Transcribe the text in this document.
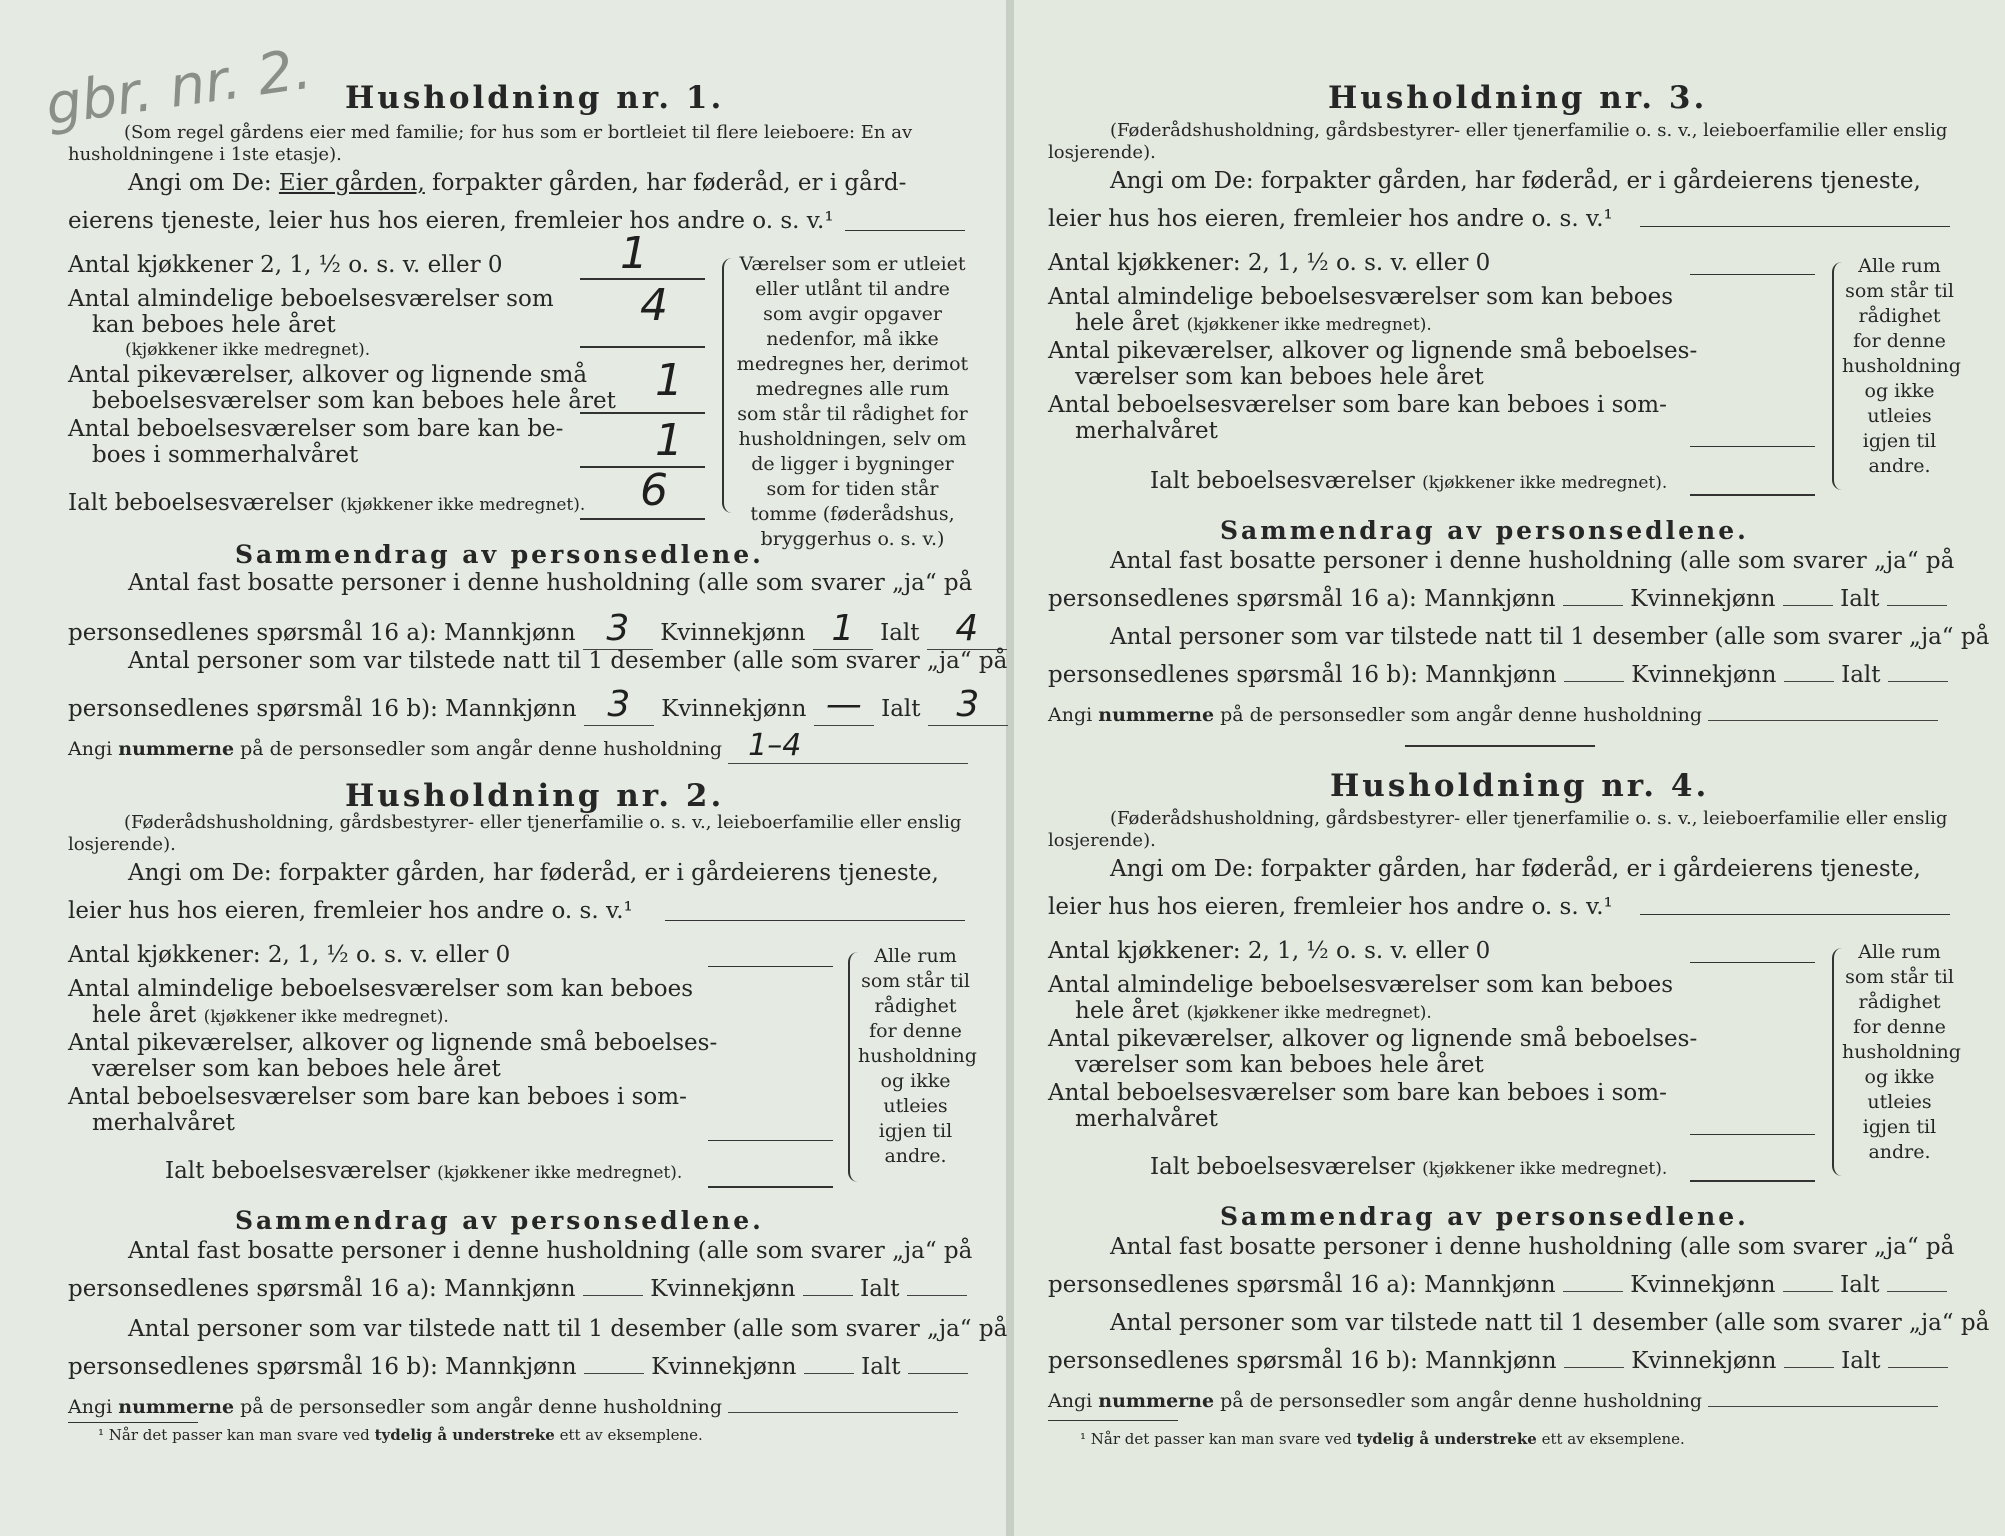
gbr. nr. 2. Husholdning nr. 1.
(Som regel gårdens eier med familie; for hus som er bortleiet til flere leieboere: En av husholdningene i 1ste etasje).
Angi om De: Eier gården, forpakter gården, har føderåd, er i gård-
eierens tjeneste, leier hus hos eieren, fremleier hos andre o. s. v.¹
Antal kjøkkener 2, 1, ½ o. s. v. eller 0	1
Antal almindelige beboelsesværelser som
kan beboes hele året
(kjøkkener ikke medregnet).
4
Antal pikeværelser, alkover og lignende små
beboelsesværelser som kan beboes hele året 1
Antal beboelsesværelser som bare kan be-
boes i sommerhalvåret	1
Ialt beboelsesværelser (kjøkkener ikke medregnet). 6
Værelser som er utleiet eller utlånt til andre som avgir opgaver nedenfor, må ikke medregnes her, derimot medregnes alle rum som står til rådighet for husholdningen, selv om de ligger i bygninger som for tiden står tomme (føderådshus, bryggerhus o. s. v.)
Sammendrag av personsedlene.
Antal fast bosatte personer i denne husholdning (alle som svarer „ja“ på
personsedlenes spørsmål 16 a): Mannkjønn 3 Kvinnekjønn 1 Ialt 4
Antal personer som var tilstede natt til 1 desember (alle som svarer „ja“ på
personsedlenes spørsmål 16 b): Mannkjønn 3 Kvinnekjønn — Ialt 3
Angi nummerne på de personsedler som angår denne husholdning 1–4
Husholdning nr. 2.
(Føderådshusholdning, gårdsbestyrer- eller tjenerfamilie o. s. v., leieboerfamilie eller enslig losjerende).
Angi om De: forpakter gården, har føderåd, er i gårdeierens tjeneste,
leier hus hos eieren, fremleier hos andre o. s. v.¹
Antal kjøkkener: 2, 1, ½ o. s. v. eller 0
Antal almindelige beboelsesværelser som kan beboes
hele året (kjøkkener ikke medregnet).
Antal pikeværelser, alkover og lignende små beboelses-
værelser som kan beboes hele året
Antal beboelsesværelser som bare kan beboes i som-
merhalvåret
Ialt beboelsesværelser (kjøkkener ikke medregnet).
Alle rum som står til rådighet for denne husholdning og ikke utleies igjen til andre.
Sammendrag av personsedlene.
Antal fast bosatte personer i denne husholdning (alle som svarer „ja“ på
personsedlenes spørsmål 16 a): Mannkjønn	Kvinnekjønn	Ialt
Antal personer som var tilstede natt til 1 desember (alle som svarer „ja“ på
personsedlenes spørsmål 16 b): Mannkjønn	Kvinnekjønn	Ialt
Angi nummerne på de personsedler som angår denne husholdning
¹ Når det passer kan man svare ved tydelig å understreke ett av eksemplene.
Husholdning nr. 3.
(Føderådshusholdning, gårdsbestyrer- eller tjenerfamilie o. s. v., leieboerfamilie eller enslig losjerende).
Angi om De: forpakter gården, har føderåd, er i gårdeierens tjeneste,
leier hus hos eieren, fremleier hos andre o. s. v.¹
Antal kjøkkener: 2, 1, ½ o. s. v. eller 0
Antal almindelige beboelsesværelser som kan beboes
hele året (kjøkkener ikke medregnet).
Antal pikeværelser, alkover og lignende små beboelses-
værelser som kan beboes hele året
Antal beboelsesværelser som bare kan beboes i som-
merhalvåret
Ialt beboelsesværelser (kjøkkener ikke medregnet).
Alle rum som står til rådighet for denne husholdning og ikke utleies igjen til andre.
Sammendrag av personsedlene.
Antal fast bosatte personer i denne husholdning (alle som svarer „ja“ på
personsedlenes spørsmål 16 a): Mannkjønn	Kvinnekjønn	Ialt
Antal personer som var tilstede natt til 1 desember (alle som svarer „ja“ på
personsedlenes spørsmål 16 b): Mannkjønn	Kvinnekjønn	Ialt
Angi nummerne på de personsedler som angår denne husholdning
Husholdning nr. 4.
(Føderådshusholdning, gårdsbestyrer- eller tjenerfamilie o. s. v., leieboerfamilie eller enslig losjerende).
Angi om De: forpakter gården, har føderåd, er i gårdeierens tjeneste,
leier hus hos eieren, fremleier hos andre o. s. v.¹
Antal kjøkkener: 2, 1, ½ o. s. v. eller 0
Antal almindelige beboelsesværelser som kan beboes
hele året (kjøkkener ikke medregnet).
Antal pikeværelser, alkover og lignende små beboelses-
værelser som kan beboes hele året
Antal beboelsesværelser som bare kan beboes i som-
merhalvåret
Ialt beboelsesværelser (kjøkkener ikke medregnet).
Alle rum som står til rådighet for denne husholdning og ikke utleies igjen til andre.
Sammendrag av personsedlene.
Antal fast bosatte personer i denne husholdning (alle som svarer „ja“ på
personsedlenes spørsmål 16 a): Mannkjønn	Kvinnekjønn	Ialt
Antal personer som var tilstede natt til 1 desember (alle som svarer „ja“ på
personsedlenes spørsmål 16 b): Mannkjønn	Kvinnekjønn	Ialt
Angi nummerne på de personsedler som angår denne husholdning
¹ Når det passer kan man svare ved tydelig å understreke ett av eksemplene.
